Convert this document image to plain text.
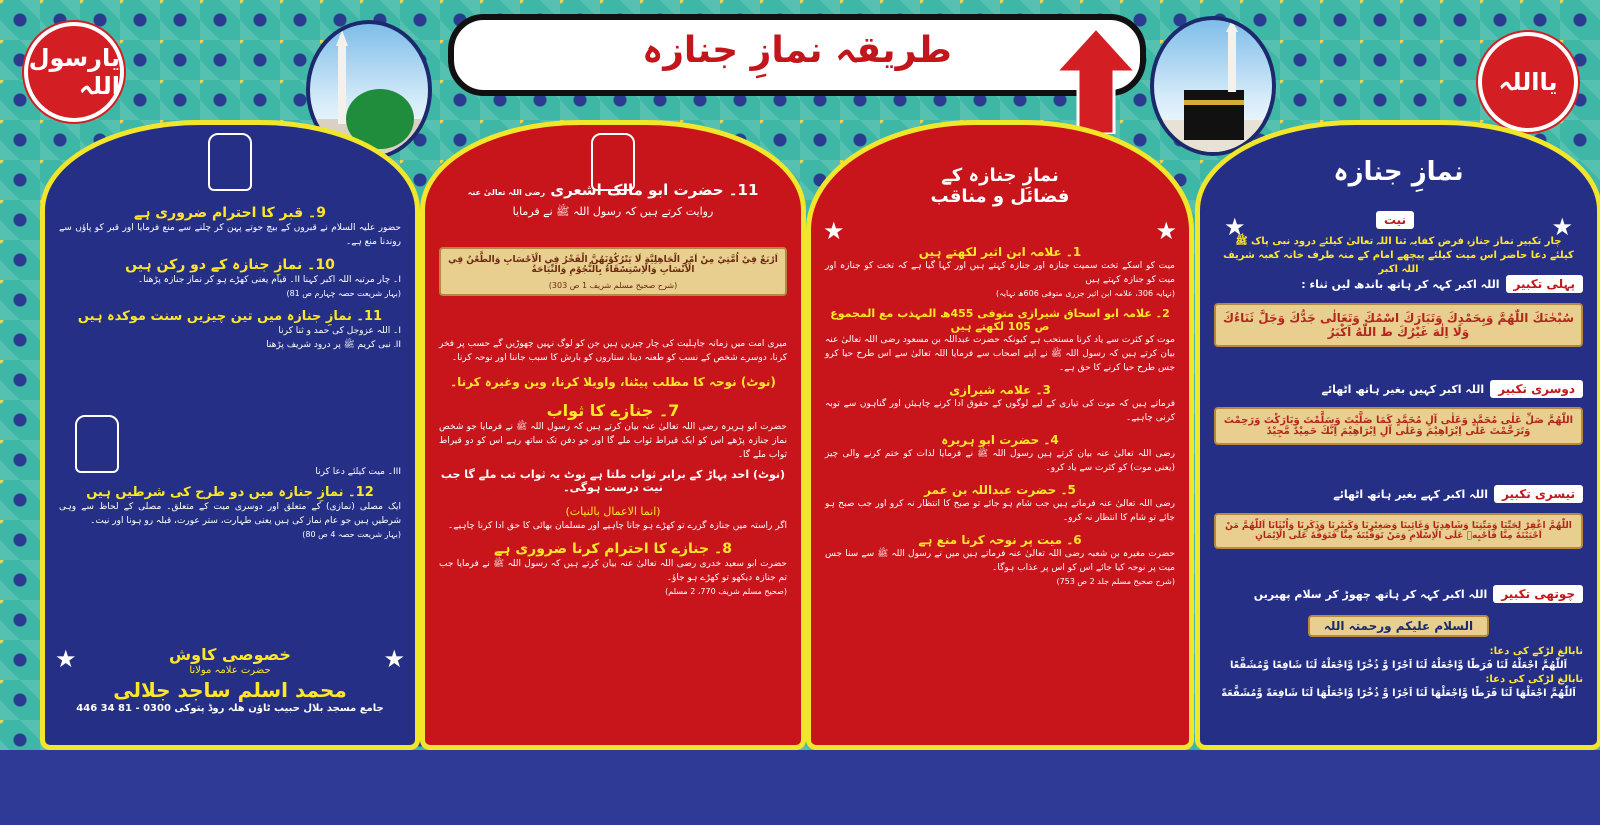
طریقہ نمازِ جنازہ
یارسول اللہ	یااللہ
نمازِ جنازہ
★	★
نیت

چار تکبیر نماز جنازہ فرض کفایہ ثنا اللہ تعالیٰ کیلئے درود نبی پاک ﷺ

کیلئے دعا حاضر اس میت کیلئے پیچھے امام کے منہ طرف خانہ کعبہ شریف اللہ اکبر

پہلی تکبیر
اللہ اکبر کہہ کر ہاتھ باندھ لیں ثناء :
سُبْحٰنَكَ اللّٰهُمَّ وَبِحَمْدِكَ وَتَبَارَكَ اسْمُكَ وَتَعَالٰى جَدُّكَ وَجَلَّ ثَنَاءُكَ وَلَا اِلٰهَ غَيْرُكَ ط اللّٰهُ اَكْبَرُ
دوسری تکبیر
اللہ اکبر کہیں بغیر ہاتھ اٹھائے
اللّٰهُمَّ صَلِّ عَلٰى مُحَمَّدٍ وَعَلٰى آلِ مُحَمَّدٍ كَمَا صَلَّيْتَ وَسَلَّمْتَ وَبَارَكْتَ وَرَحِمْتَ وَتَرَحَّمْتَ عَلٰى اِبْرَاهِيْمَ وَعَلٰى آلِ اِبْرَاهِيْمَ اِنَّكَ حَمِيْدٌ مَّجِيْدٌ
تیسری تکبیر
اللہ اکبر کہے بغیر ہاتھ اٹھائے
اللّٰهُمَّ اغْفِرْ لِحَيِّنَا وَمَيِّتِنَا وَشَاهِدِنَا وَغَائِبِنَا وَصَغِيْرِنَا وَكَبِيْرِنَا وَذَكَرِنَا وَاُنْثَانَا اَللّٰهُمَّ مَنْ اَحْيَيْتَهٗ مِنَّا فَاَحْيِهٖ عَلَى الْاِسْلَامِ وَمَنْ تَوَفَّيْتَهٗ مِنَّا فَتَوَفَّهٗ عَلَى الْاِيْمَانِ
چوتھی تکبیر
اللہ اکبر کہہ کر ہاتھ چھوڑ کر سلام پھیریں
السلام علیکم ورحمتہ اللہ

نابالغ لڑکے کی دعا:

اَللّٰهُمَّ اجْعَلْهُ لَنَا فَرَطًا وَّاجْعَلْهُ لَنَا اَجْرًا وَّ ذُخْرًا وَّاجْعَلْهُ لَنَا شَافِعًا وَّمُشَفَّعًا

نابالغ لڑکی کی دعا:

اَللّٰهُمَّ اجْعَلْهَا لَنَا فَرَطًا وَّاجْعَلْهَا لَنَا اَجْرًا وَّ ذُخْرًا وَّاجْعَلْهَا لَنَا شَافِعَةً وَّمُشَفَّعَةً

نمازِ جنازہ کے

فضائل و مناقب

★	★

1۔ علامہ ابن اثیر لکھتے ہیں

میت کو اسکے تخت سمیت جنازہ اور جنازہ کہتے ہیں اور کہا گیا ہے کہ تخت کو جنازہ اور میت کو جنازہ کہتے ہیں

(نہایہ 306، علامہ ابن اثیر جزری متوفی 606ھ نہایہ)

2۔ علامہ ابو اسحاق شیرازی متوفی 455ھ المہذب مع المجموع ص 105 لکھتے ہیں

موت کو کثرت سے یاد کرنا مستحب ہے کیونکہ حضرت عبداللہ بن مسعود رضی اللہ تعالیٰ عنہ بیان کرتے ہیں کہ رسول اللہ ﷺ نے اپنے اصحاب سے فرمایا اللہ تعالیٰ سے اس طرح حیا کرو جس طرح حیا کرنے کا حق ہے۔

3۔ علامہ شیرازی

فرماتے ہیں کہ موت کی تیاری کے لیے لوگوں کے حقوق ادا کرنے چاہیئں اور گناہوں سے توبہ کرنی چاہیے۔

4۔ حضرت ابو ہریرہ

رضی اللہ تعالیٰ عنہ بیان کرتے ہیں رسول اللہ ﷺ نے فرمایا لذات کو ختم کرنے والی چیز (یعنی موت) کو کثرت سے یاد کرو۔

5۔ حضرت عبداللہ بن عمر

رضی اللہ تعالیٰ عنہ فرماتے ہیں جب شام ہو جائے تو صبح کا انتظار نہ کرو اور جب صبح ہو جائے تو شام کا انتظار نہ کرو۔

6۔ میت پر نوحہ کرنا منع ہے

حضرت مغیرہ بن شعبہ رضی اللہ تعالیٰ عنہ فرماتے ہیں میں نے رسول اللہ ﷺ سے سنا جس میت پر نوحہ کیا جائے اس کو اس پر عذاب ہوگا۔

(شرح صحیح مسلم جلد 2 ص 753)

11۔ حضرت ابو مالک اشعری رضی اللہ تعالیٰ عنہ

روایت کرتے ہیں کہ رسول اللہ ﷺ نے فرمایا

اَرْبَعٌ فِيْ اُمَّتِيْ مِنْ اَمْرِ الْجَاهِلِيَّةِ لَا يَتْرُكُوْنَهُنَّ الْفَخْرُ فِي الْاَحْسَابِ وَالطَّعْنُ فِي الْاَنْسَابِ وَالْاِسْتِسْقَاءُ بِالنُّجُوْمِ وَالنِّيَاحَةُ
(شرح صحیح مسلم شریف 1 ص 303)

میری امت میں زمانہ جاہلیت کی چار چیزیں ہیں جن کو لوگ نہیں چھوڑیں گے حسب پر فخر کرنا، دوسرے شخص کے نسب کو طعنہ دینا، ستاروں کو بارش کا سبب جاننا اور نوحہ کرنا۔

(نوٹ) نوحہ کا مطلب پیٹنا، واویلا کرنا، وین وغیرہ کرنا۔

7۔ جنازے کا ثواب

حضرت ابو ہریرہ رضی اللہ تعالیٰ عنہ بیان کرتے ہیں کہ رسول اللہ ﷺ نے فرمایا جو شخص نماز جنازہ پڑھے اس کو ایک قیراط ثواب ملے گا اور جو دفن تک ساتھ رہے اس کو دو قیراط ثواب ملے گا۔

(نوٹ) احد پہاڑ کے برابر ثواب ملتا ہے نوٹ یہ ثواب تب ملے گا جب نیت درست ہوگی۔

(انما الاعمال بالنیات)

اگر راستہ میں جنازہ گزرے تو کھڑے ہو جانا چاہیے اور مسلمان بھائی کا حق ادا کرنا چاہیے۔

8۔ جنازے کا احترام کرنا ضروری ہے

حضرت ابو سعید خدری رضی اللہ تعالیٰ عنہ بیان کرتے ہیں کہ رسول اللہ ﷺ نے فرمایا جب تم جنازہ دیکھو تو کھڑے ہو جاؤ۔

(صحیح مسلم شریف 770، 2 مسلم)

9۔ قبر کا احترام ضروری ہے

حضور علیہ السلام نے قبروں کے بیچ جوتے پہن کر چلنے سے منع فرمایا اور قبر کو پاؤں سے روندنا منع ہے۔

10۔ نمازِ جنازہ کے دو رکن ہیں

I۔ چار مرتبہ اللہ اکبر کہنا II۔ قیام یعنی کھڑے ہو کر نماز جنازہ پڑھنا۔

(بہار شریعت حصہ چہارم ص 81)

11۔ نمازِ جنازہ میں تین چیزیں سنت موکدہ ہیں

I۔ اللہ عزوجل کی حمد و ثنا کرنا

II۔ نبی کریم ﷺ پر درود شریف پڑھنا

III۔ میت کیلئے دعا کرنا

12۔ نمازِ جنازہ میں دو طرح کی شرطیں ہیں

ایک مصلی (نمازی) کے متعلق اور دوسری میت کے متعلق۔ مصلی کے لحاظ سے وہی شرطیں ہیں جو عام نماز کی ہیں یعنی طہارت، ستر عورت، قبلہ رو ہونا اور نیت۔

(بہار شریعت حصہ 4 ص 80)

★	★

خصوصی کاوش

حضرت علامہ مولانا

محمد اسلم ساجد جلالی

جامع مسجد بلال حبیب ٹاؤن ھلہ روڈ پتوکی 0300 - 81 34 446
